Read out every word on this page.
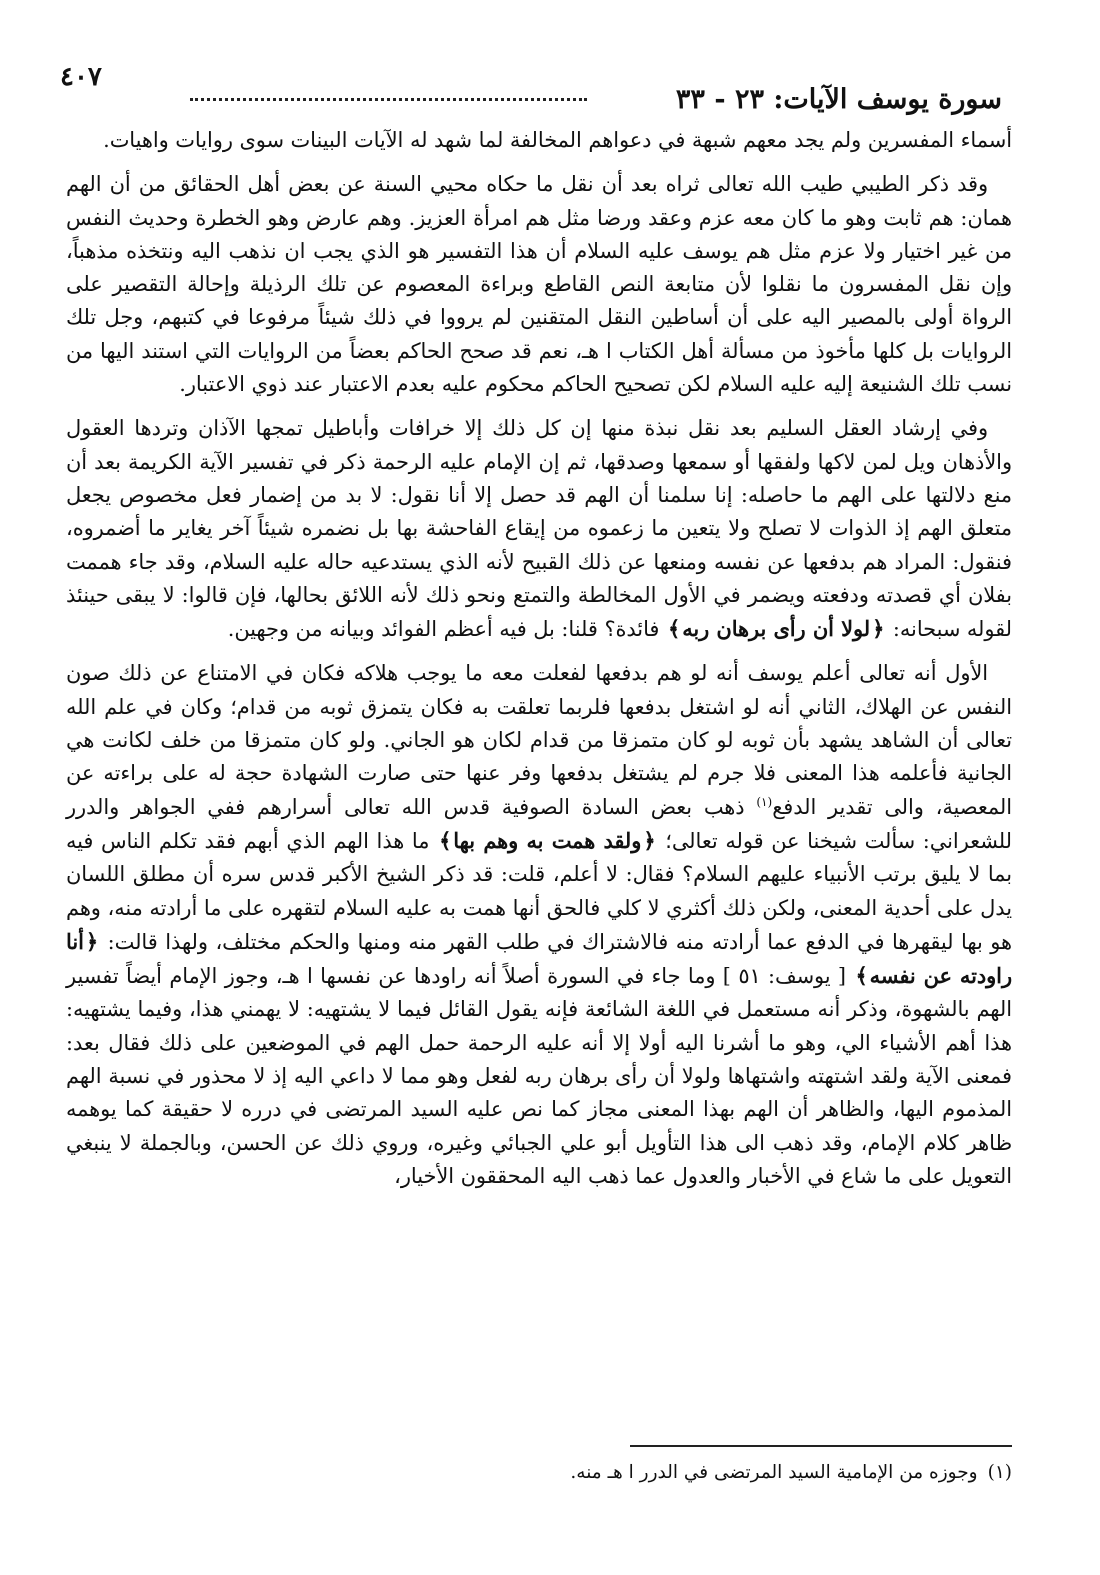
سورة يوسف الآيات: ٢٣ - ٣٣
٤٠٧

أسماء المفسرين ولم يجد معهم شبهة في دعواهم المخالفة لما شهد له الآيات البينات سوى روايات واهيات.

وقد ذكر الطيبي طيب الله تعالى ثراه بعد أن نقل ما حكاه محيي السنة عن بعض أهل الحقائق من أن الهم همان: هم ثابت وهو ما كان معه عزم وعقد ورضا مثل هم امرأة العزيز. وهم عارض وهو الخطرة وحديث النفس من غير اختيار ولا عزم مثل هم يوسف عليه السلام أن هذا التفسير هو الذي يجب ان نذهب اليه ونتخذه مذهباً، وإن نقل المفسرون ما نقلوا لأن متابعة النص القاطع وبراءة المعصوم عن تلك الرذيلة وإحالة التقصير على الرواة أولى بالمصير اليه على أن أساطين النقل المتقنين لم يرووا في ذلك شيئاً مرفوعا في كتبهم، وجل تلك الروايات بل كلها مأخوذ من مسألة أهل الكتاب ا هـ، نعم قد صحح الحاكم بعضاً من الروايات التي استند اليها من نسب تلك الشنيعة إليه عليه السلام لكن تصحيح الحاكم محكوم عليه بعدم الاعتبار عند ذوي الاعتبار.

وفي إرشاد العقل السليم بعد نقل نبذة منها إن كل ذلك إلا خرافات وأباطيل تمجها الآذان وتردها العقول والأذهان ويل لمن لاكها ولفقها أو سمعها وصدقها، ثم إن الإمام عليه الرحمة ذكر في تفسير الآية الكريمة بعد أن منع دلالتها على الهم ما حاصله: إنا سلمنا أن الهم قد حصل إلا أنا نقول: لا بد من إضمار فعل مخصوص يجعل متعلق الهم إذ الذوات لا تصلح ولا يتعين ما زعموه من إيقاع الفاحشة بها بل نضمره شيئاً آخر يغاير ما أضمروه، فنقول: المراد هم بدفعها عن نفسه ومنعها عن ذلك القبيح لأنه الذي يستدعيه حاله عليه السلام، وقد جاء هممت بفلان أي قصدته ودفعته ويضمر في الأول المخالطة والتمتع ونحو ذلك لأنه اللائق بحالها، فإن قالوا: لا يبقى حينئذ لقوله سبحانه: ﴿لولا أن رأى برهان ربه﴾ فائدة؟ قلنا: بل فيه أعظم الفوائد وبيانه من وجهين.

الأول أنه تعالى أعلم يوسف أنه لو هم بدفعها لفعلت معه ما يوجب هلاكه فكان في الامتناع عن ذلك صون النفس عن الهلاك، الثاني أنه لو اشتغل بدفعها فلربما تعلقت به فكان يتمزق ثوبه من قدام؛ وكان في علم الله تعالى أن الشاهد يشهد بأن ثوبه لو كان متمزقا من قدام لكان هو الجاني. ولو كان متمزقا من خلف لكانت هي الجانية فأعلمه هذا المعنى فلا جرم لم يشتغل بدفعها وفر عنها حتى صارت الشهادة حجة له على براءته عن المعصية، والى تقدير الدفع$^{(١)}$ ذهب بعض السادة الصوفية قدس الله تعالى أسرارهم ففي الجواهر والدرر للشعراني: سألت شيخنا عن قوله تعالى؛ ﴿ولقد همت به وهم بها﴾ ما هذا الهم الذي أبهم فقد تكلم الناس فيه بما لا يليق برتب الأنبياء عليهم السلام؟ فقال: لا أعلم، قلت: قد ذكر الشيخ الأكبر قدس سره أن مطلق اللسان يدل على أحدية المعنى، ولكن ذلك أكثري لا كلي فالحق أنها همت به عليه السلام لتقهره على ما أرادته منه، وهم هو بها ليقهرها في الدفع عما أرادته منه فالاشتراك في طلب القهر منه ومنها والحكم مختلف، ولهذا قالت: ﴿أنا راودته عن نفسه﴾ [ يوسف: ٥١ ] وما جاء في السورة أصلاً أنه راودها عن نفسها ا هـ، وجوز الإمام أيضاً تفسير الهم بالشهوة، وذكر أنه مستعمل في اللغة الشائعة فإنه يقول القائل فيما لا يشتهيه: لا يهمني هذا، وفيما يشتهيه: هذا أهم الأشياء الي، وهو ما أشرنا اليه أولا إلا أنه عليه الرحمة حمل الهم في الموضعين على ذلك فقال بعد: فمعنى الآية ولقد اشتهته واشتهاها ولولا أن رأى برهان ربه لفعل وهو مما لا داعي اليه إذ لا محذور في نسبة الهم المذموم اليها، والظاهر أن الهم بهذا المعنى مجاز كما نص عليه السيد المرتضى في درره لا حقيقة كما يوهمه ظاهر كلام الإمام، وقد ذهب الى هذا التأويل أبو علي الجبائي وغيره، وروي ذلك عن الحسن، وبالجملة لا ينبغي التعويل على ما شاع في الأخبار والعدول عما ذهب اليه المحققون الأخيار،

(١)وجوزه من الإمامية السيد المرتضى في الدرر ا هـ منه.
